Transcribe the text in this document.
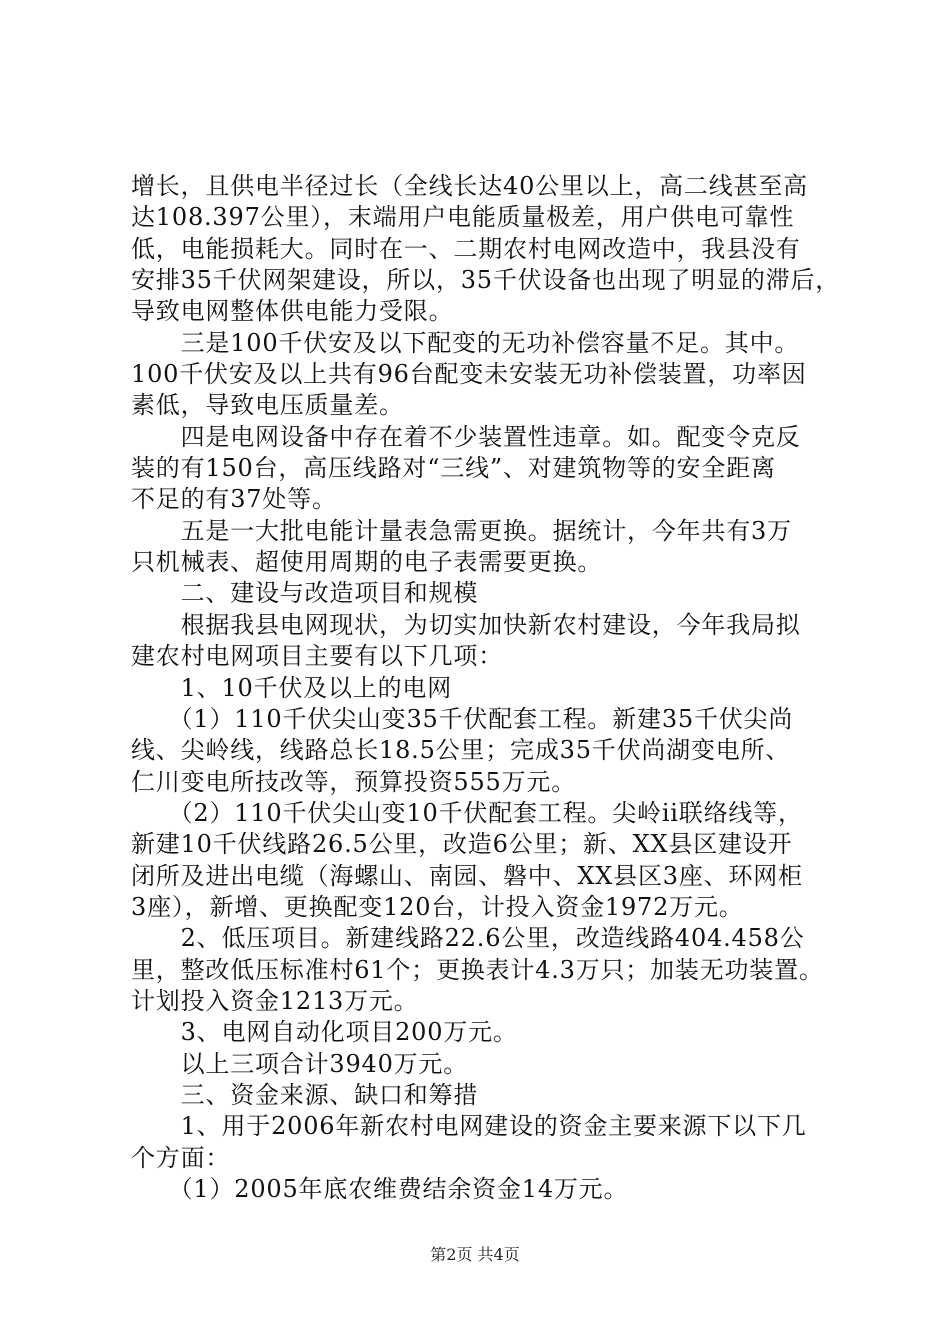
增长，且供电半径过长（全线长达40公里以上，高二线甚至高
达108.397公里），末端用户电能质量极差，用户供电可靠性
低，电能损耗大。同时在一、二期农村电网改造中，我县没有
安排35千伏网架建设，所以，35千伏设备也出现了明显的滞后，
导致电网整体供电能力受限。
　　三是100千伏安及以下配变的无功补偿容量不足。其中。
100千伏安及以上共有96台配变未安装无功补偿装置，功率因
素低，导致电压质量差。
　　四是电网设备中存在着不少装置性违章。如。配变令克反
装的有150台，高压线路对“三线”、对建筑物等的安全距离
不足的有37处等。
　　五是一大批电能计量表急需更换。据统计，今年共有3万
只机械表、超使用周期的电子表需要更换。
　　二、建设与改造项目和规模
　　根据我县电网现状，为切实加快新农村建设，今年我局拟
建农村电网项目主要有以下几项：
　　1、10千伏及以上的电网
　　（1）110千伏尖山变35千伏配套工程。新建35千伏尖尚
线、尖岭线，线路总长18.5公里；完成35千伏尚湖变电所、
仁川变电所技改等，预算投资555万元。
　　（2）110千伏尖山变10千伏配套工程。尖岭ii联络线等，
新建10千伏线路26.5公里，改造6公里；新、XX县区建设开
闭所及进出电缆（海螺山、南园、磐中、XX县区3座、环网柜
3座），新增、更换配变120台，计投入资金1972万元。
　　2、低压项目。新建线路22.6公里，改造线路404.458公
里，整改低压标准村61个；更换表计4.3万只；加装无功装置。
计划投入资金1213万元。
　　3、电网自动化项目200万元。
　　以上三项合计3940万元。
　　三、资金来源、缺口和筹措
　　1、用于2006年新农村电网建设的资金主要来源下以下几
个方面：
　　（1）2005年底农维费结余资金14万元。
第2页 共4页
